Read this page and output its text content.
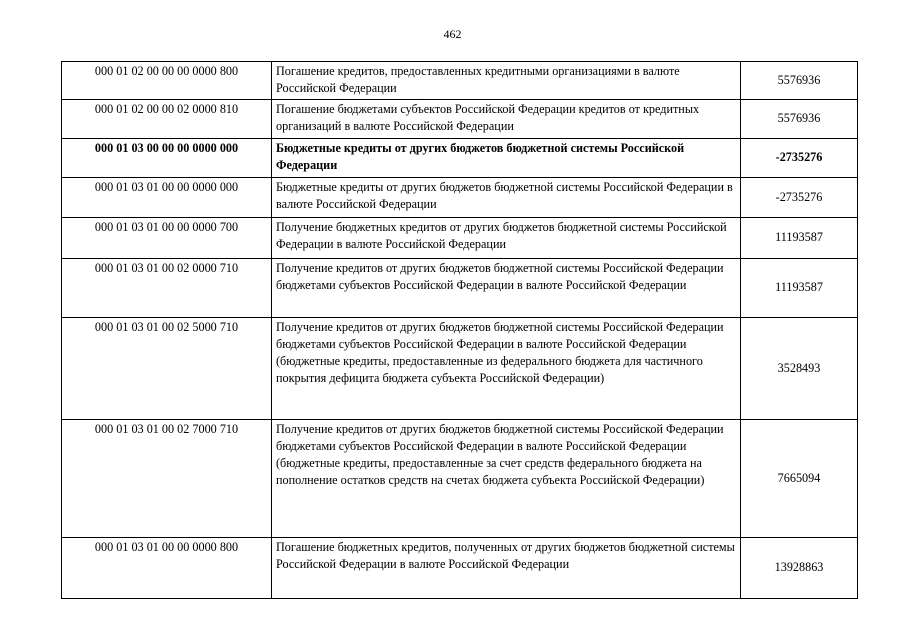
462
000 01 02 00 00 00 0000 800	Погашение кредитов, предоставленных кредитными организациями в валюте Российской Федерации	5576936
000 01 02 00 00 02 0000 810	Погашение бюджетами субъектов Российской Федерации кредитов от кредитных организаций в валюте Российской Федерации	5576936
000 01 03 00 00 00 0000 000	Бюджетные кредиты от других бюджетов бюджетной системы Российской Федерации	-2735276
000 01 03 01 00 00 0000 000	Бюджетные кредиты от других бюджетов бюджетной системы Российской Федерации в валюте Российской Федерации	-2735276
000 01 03 01 00 00 0000 700	Получение бюджетных кредитов от других бюджетов бюджетной системы Российской Федерации в валюте Российской Федерации	11193587
000 01 03 01 00 02 0000 710	Получение кредитов от других бюджетов бюджетной системы Российской Федерации бюджетами субъектов Российской Федерации в валюте Российской Федерации	11193587
000 01 03 01 00 02 5000 710	Получение кредитов от других бюджетов бюджетной системы Российской Федерации бюджетами субъектов Российской Федерации в валюте Российской Федерации (бюджетные кредиты, предоставленные из федерального бюджета для частичного покрытия дефицита бюджета субъекта Российской Федерации)	3528493
000 01 03 01 00 02 7000 710	Получение кредитов от других бюджетов бюджетной системы Российской Федерации бюджетами субъектов Российской Федерации в валюте Российской Федерации (бюджетные кредиты, предоставленные за счет средств федерального бюджета на пополнение остатков средств на счетах бюджета субъекта Российской Федерации)	7665094
000 01 03 01 00 00 0000 800	Погашение бюджетных кредитов, полученных от других бюджетов бюджетной системы Российской Федерации в валюте Российской Федерации	13928863
